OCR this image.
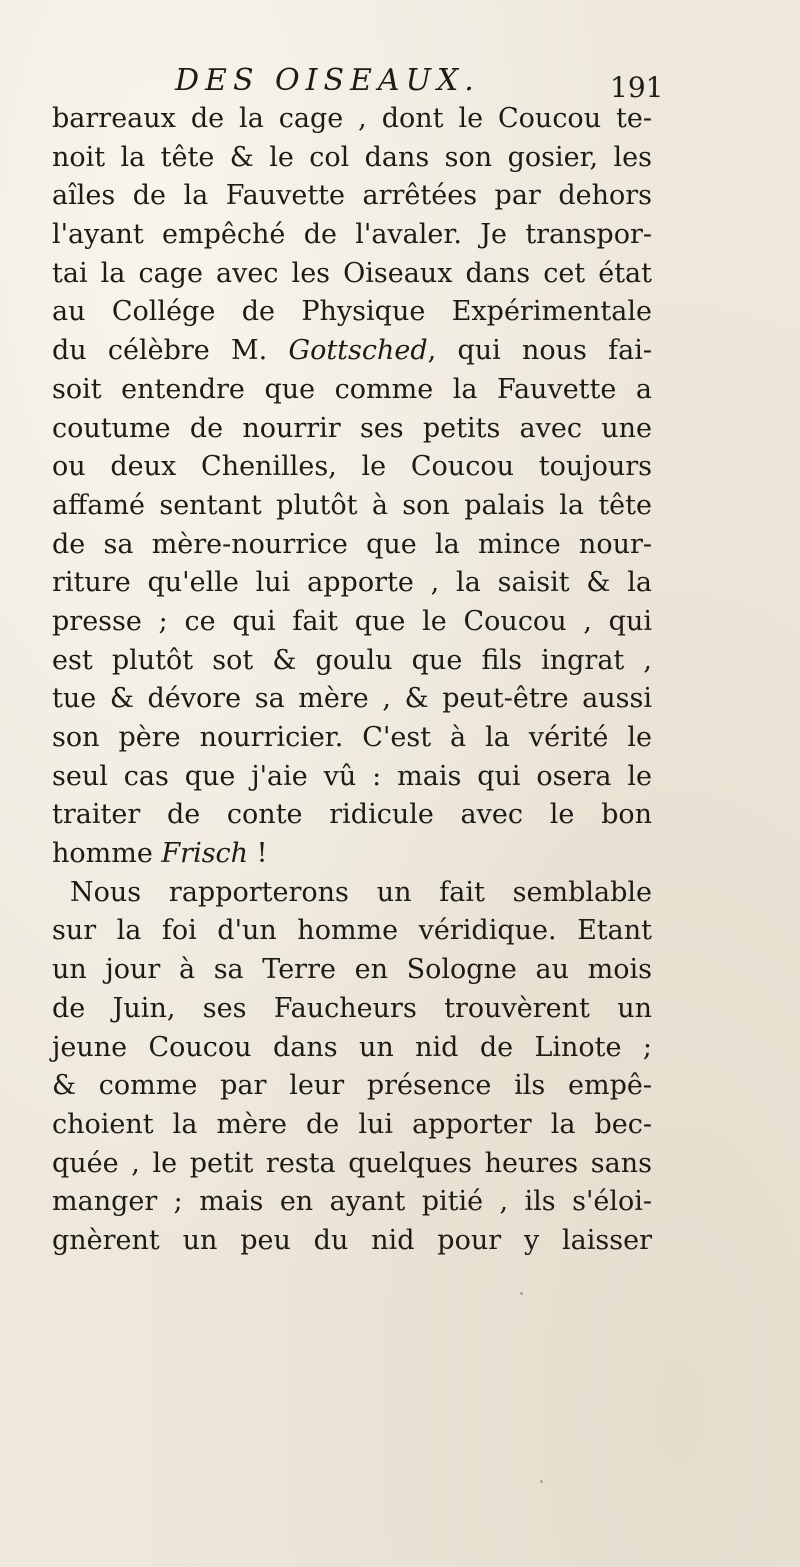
DES OISEAUX.	191
barreaux de la cage , dont le Coucou te-
noit la tête & le col dans son gosier, les
aîles de la Fauvette arrêtées par dehors
l'ayant empêché de l'avaler. Je transpor-
tai la cage avec les Oiseaux dans cet état
au Collége de Physique Expérimentale
du célèbre M. Gottsched, qui nous fai-
soit entendre que comme la Fauvette a
coutume de nourrir ses petits avec une
ou deux Chenilles, le Coucou toujours
affamé sentant plutôt à son palais la tête
de sa mère-nourrice que la mince nour-
riture qu'elle lui apporte , la saisit & la
presse ; ce qui fait que le Coucou , qui
est plutôt sot & goulu que fils ingrat ,
tue & dévore sa mère , & peut-être aussi
son père nourricier. C'est à la vérité le
seul cas que j'aie vû : mais qui osera le
traiter de conte ridicule avec le bon
homme Frisch !
Nous rapporterons un fait semblable
sur la foi d'un homme véridique. Etant
un jour à sa Terre en Sologne au mois
de Juin, ses Faucheurs trouvèrent un
jeune Coucou dans un nid de Linote ;
& comme par leur présence ils empê-
choient la mère de lui apporter la bec-
quée , le petit resta quelques heures sans
manger ; mais en ayant pitié , ils s'éloi-
gnèrent un peu du nid pour y laisser
